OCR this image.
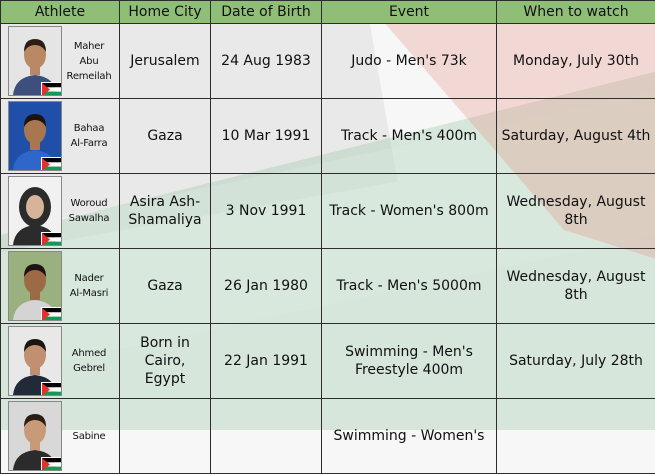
Athlete	Home City	Date of Birth	Event	When to watch

Maher Abu
Remeilah	Jerusalem	24 Aug 1983	Judo - Men's 73k	Monday, July 30th

Bahaa
Al-Farra	Gaza	10 Mar 1991	Track - Men's 400m	Saturday, August 4th

Woroud
Sawalha	Asira Ash-Shamaliya	3 Nov 1991	Track - Women's 800m	Wednesday, August 8th

Nader
Al-Masri	Gaza	26 Jan 1980	Track - Men's 5000m	Wednesday, August 8th

Ahmed
Gebrel	Born in Cairo, Egypt	22 Jan 1991	Swimming - Men's Freestyle 400m	Saturday, July 28th

Sabine			Swimming - Women's	
